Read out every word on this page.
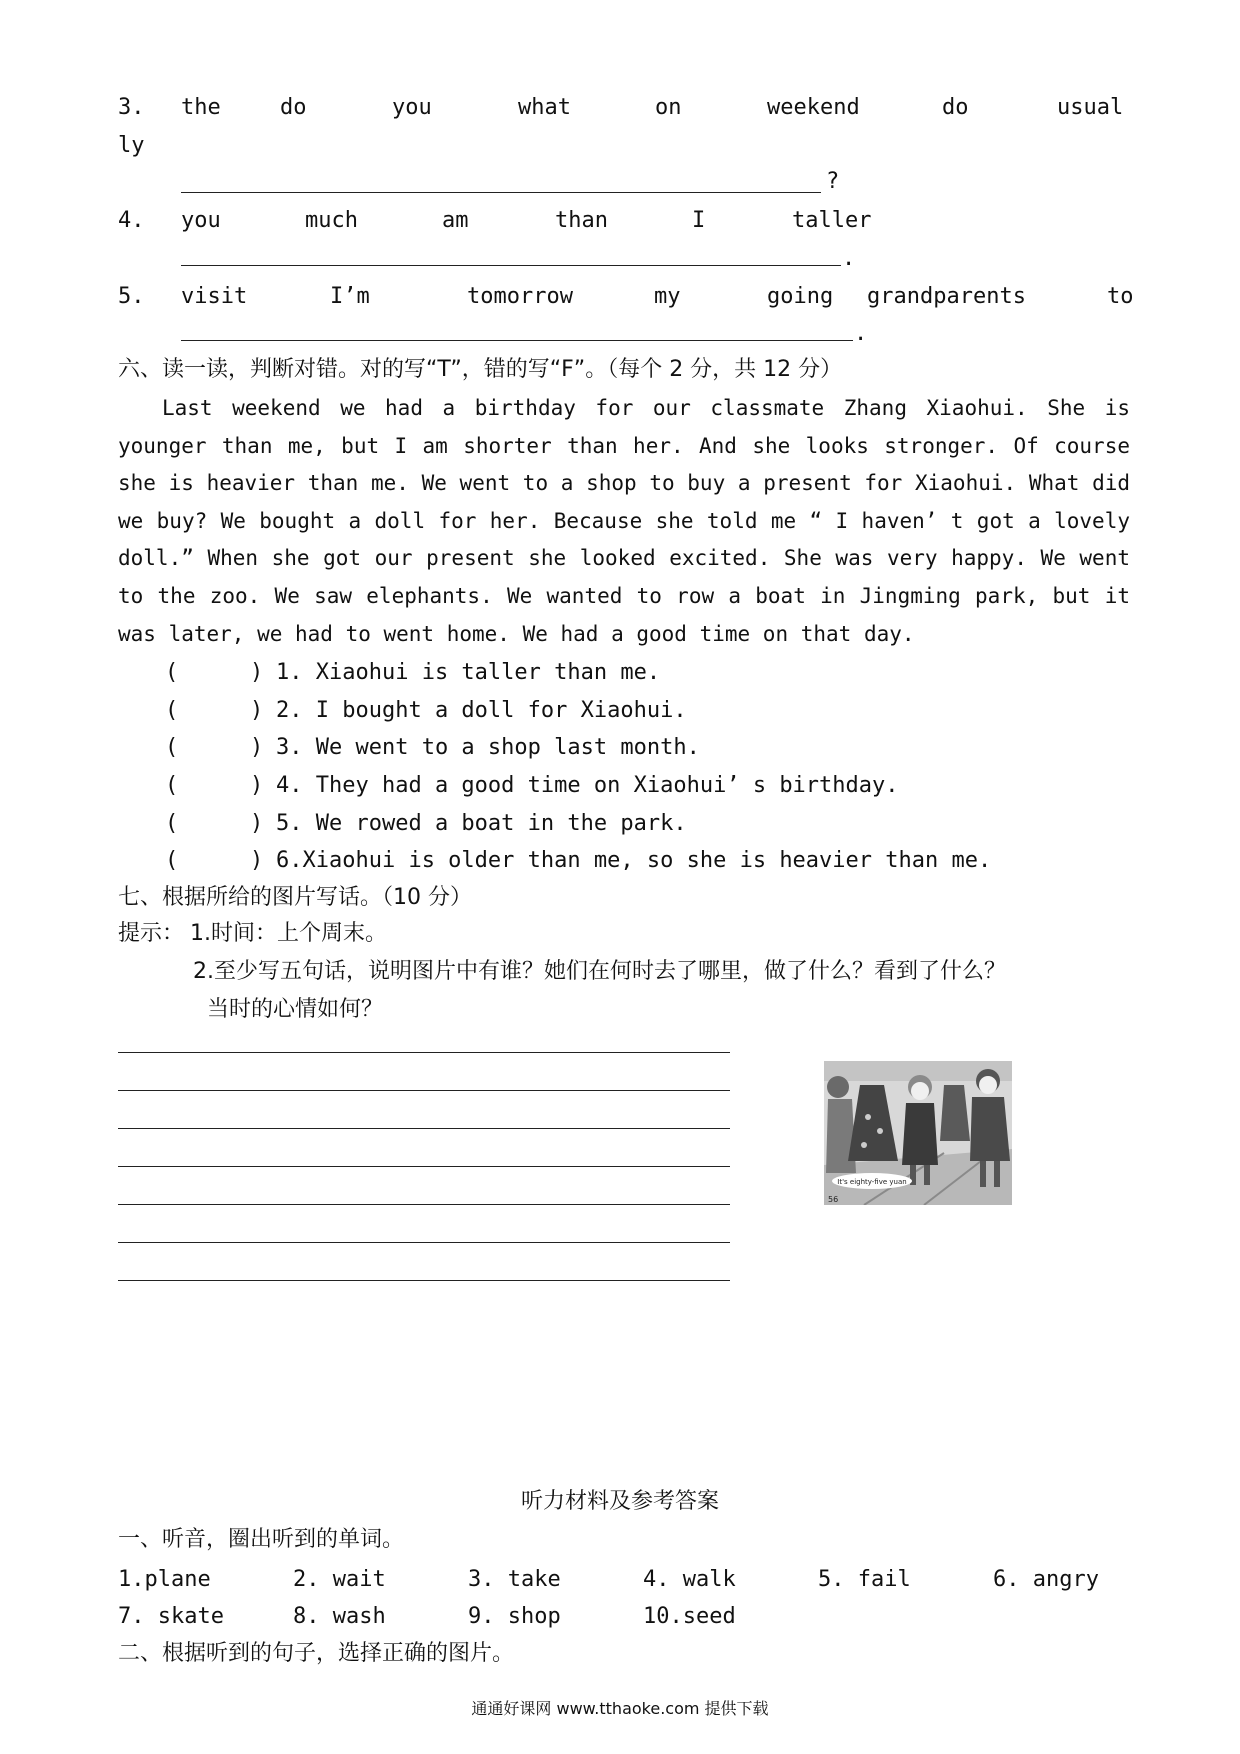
3. the	do	you	what	on	weekend	do	usual
ly
?
4. you	much	am	than	I	taller
.
5. visit	I’m	tomorrow	my	going grandparents	to
.
六、读一读，判断对错。对的写“T”，错的写“F”。（每个 2 分，共 12 分）

Last weekend we had a birthday for our classmate Zhang Xiaohui. She is younger than me, but I am shorter than her. And she looks stronger. Of course she is heavier than me. We went to a shop to buy a present for Xiaohui. What did we buy? We bought a doll for her. Because she told me “ I haven’ t got a lovely doll.” When she got our present she looked excited. She was very happy. We went to the zoo. We saw elephants. We wanted to row a boat in Jingming park, but it was later, we had to went home. We had a good time on that day.

(	) 1. Xiaohui is taller than me.
(	) 2. I bought a doll for Xiaohui.
(	) 3. We went to a shop last month.
(	) 4. They had a good time on Xiaohui’ s birthday.
(	) 5. We rowed a boat in the park.
(	) 6.Xiaohui is older than me, so she is heavier than me.
七、根据所给的图片写话。（10 分）
提示： 1.时间：上个周末。
2.至少写五句话，说明图片中有谁？她们在何时去了哪里，做了什么？看到了什么？
当时的心情如何？
It's eighty-five yuan
56
听力材料及参考答案
一、听音，圈出听到的单词。
1.plane	2. wait	3. take	4. walk	5. fail	6. angry
7. skate	8. wash	9. shop	10.seed
二、根据听到的句子，选择正确的图片。
通通好课网 www.tthaoke.com 提供下载
